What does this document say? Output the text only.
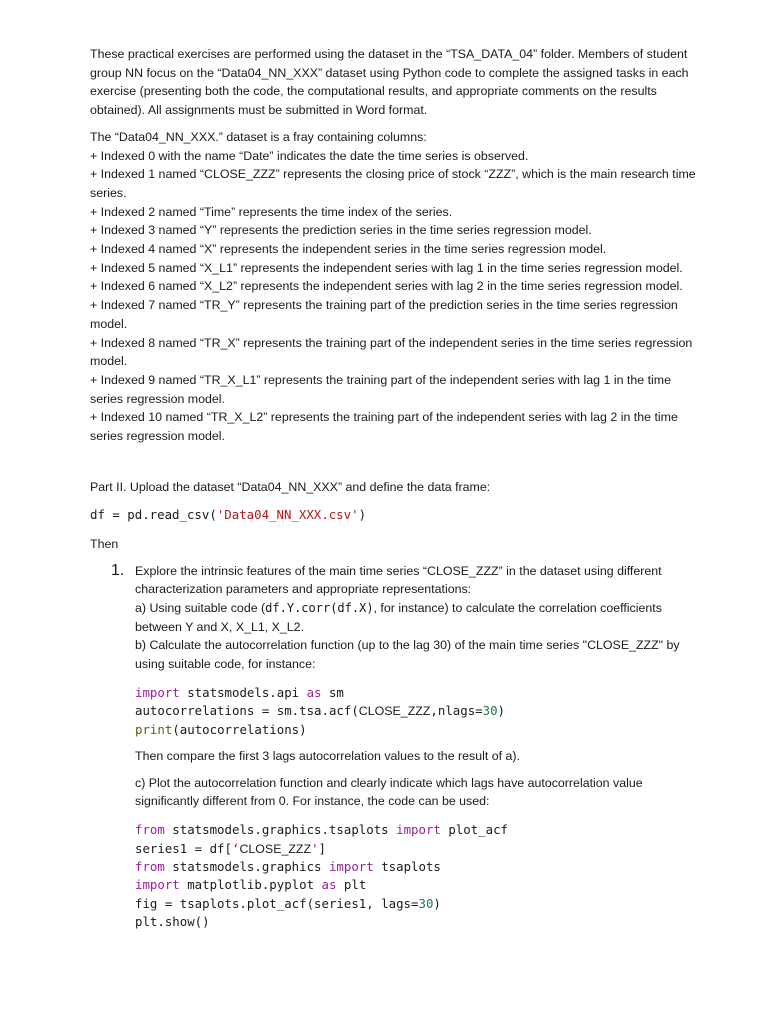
These practical exercises are performed using the dataset in the “TSA_DATA_04” folder. Members of student group NN focus on the “Data04_NN_XXX” dataset using Python code to complete the assigned tasks in each exercise (presenting both the code, the computational results, and appropriate comments on the results obtained). All assignments must be submitted in Word format.

The “Data04_NN_XXX.” dataset is a fray containing columns:

+ Indexed 0 with the name “Date” indicates the date the time series is observed.

+ Indexed 1 named “CLOSE_ZZZ” represents the closing price of stock “ZZZ”, which is the main research time series.

+ Indexed 2 named “Time” represents the time index of the series.

+ Indexed 3 named “Y” represents the prediction series in the time series regression model.

+ Indexed 4 named “X” represents the independent series in the time series regression model.

+ Indexed 5 named “X_L1” represents the independent series with lag 1 in the time series regression model.

+ Indexed 6 named “X_L2” represents the independent series with lag 2 in the time series regression model.

+ Indexed 7 named “TR_Y” represents the training part of the prediction series in the time series regression model.

+ Indexed 8 named “TR_X” represents the training part of the independent series in the time series regression model.

+ Indexed 9 named “TR_X_L1” represents the training part of the independent series with lag 1 in the time series regression model.

+ Indexed 10 named “TR_X_L2” represents the training part of the independent series with lag 2 in the time series regression model.

Part II. Upload the dataset “Data04_NN_XXX” and define the data frame:

df = pd.read_csv('Data04_NN_XXX.csv')

Then

1. Explore the intrinsic features of the main time series “CLOSE_ZZZ” in the dataset using different characterization parameters and appropriate representations:

a) Using suitable code (df.Y.corr(df.X), for instance) to calculate the correlation coefficients between Y and X, X_L1, X_L2.

b) Calculate the autocorrelation function (up to the lag 30) of the main time series "CLOSE_ZZZ" by using suitable code, for instance:

import statsmodels.api as sm
autocorrelations = sm.tsa.acf(CLOSE_ZZZ,nlags=30)
print(autocorrelations)

Then compare the first 3 lags autocorrelation values to the result of a).

c) Plot the autocorrelation function and clearly indicate which lags have autocorrelation value significantly different from 0. For instance, the code can be used:

from statsmodels.graphics.tsaplots import plot_acf
series1 = df[‘CLOSE_ZZZ']
from statsmodels.graphics import tsaplots
import matplotlib.pyplot as plt
fig = tsaplots.plot_acf(series1, lags=30)
plt.show()
